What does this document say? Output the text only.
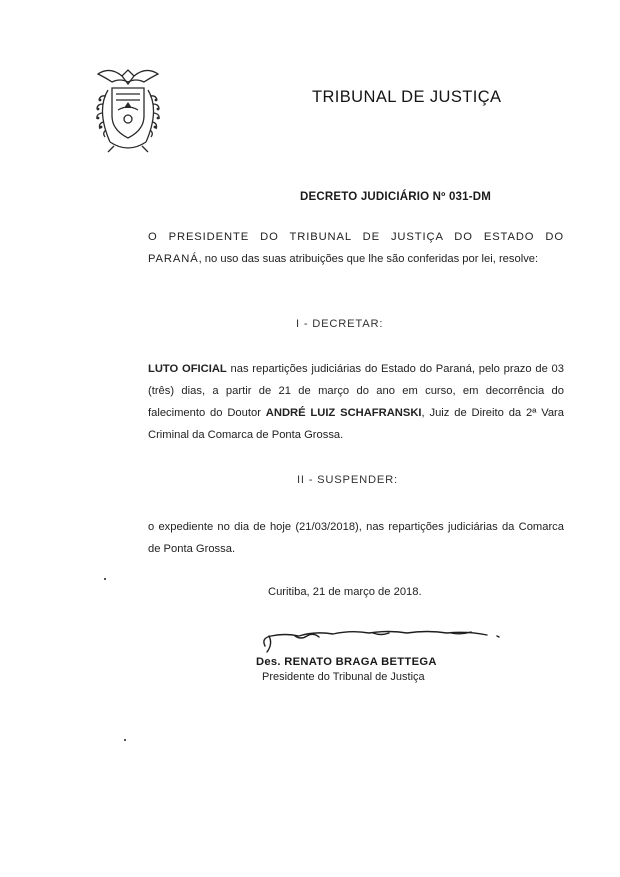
TRIBUNAL DE JUSTIÇA
DECRETO JUDICIÁRIO Nº 031-DM

O PRESIDENTE DO TRIBUNAL DE JUSTIÇA DO ESTADO DO PARANÁ, no uso das suas atribuições que lhe são conferidas por lei, resolve:

I - DECRETAR:

LUTO OFICIAL nas repartições judiciárias do Estado do Paraná, pelo prazo de 03 (três) dias, a partir de 21 de março do ano em curso, em decorrência do falecimento do Doutor ANDRÉ LUIZ SCHAFRANSKI, Juiz de Direito da 2ª Vara Criminal da Comarca de Ponta Grossa.

II - SUSPENDER:

o expediente no dia de hoje (21/03/2018), nas repartições judiciárias da Comarca de Ponta Grossa.

Curitiba, 21 de março de 2018.
Des. RENATO BRAGA BETTEGA
Presidente do Tribunal de Justiça
